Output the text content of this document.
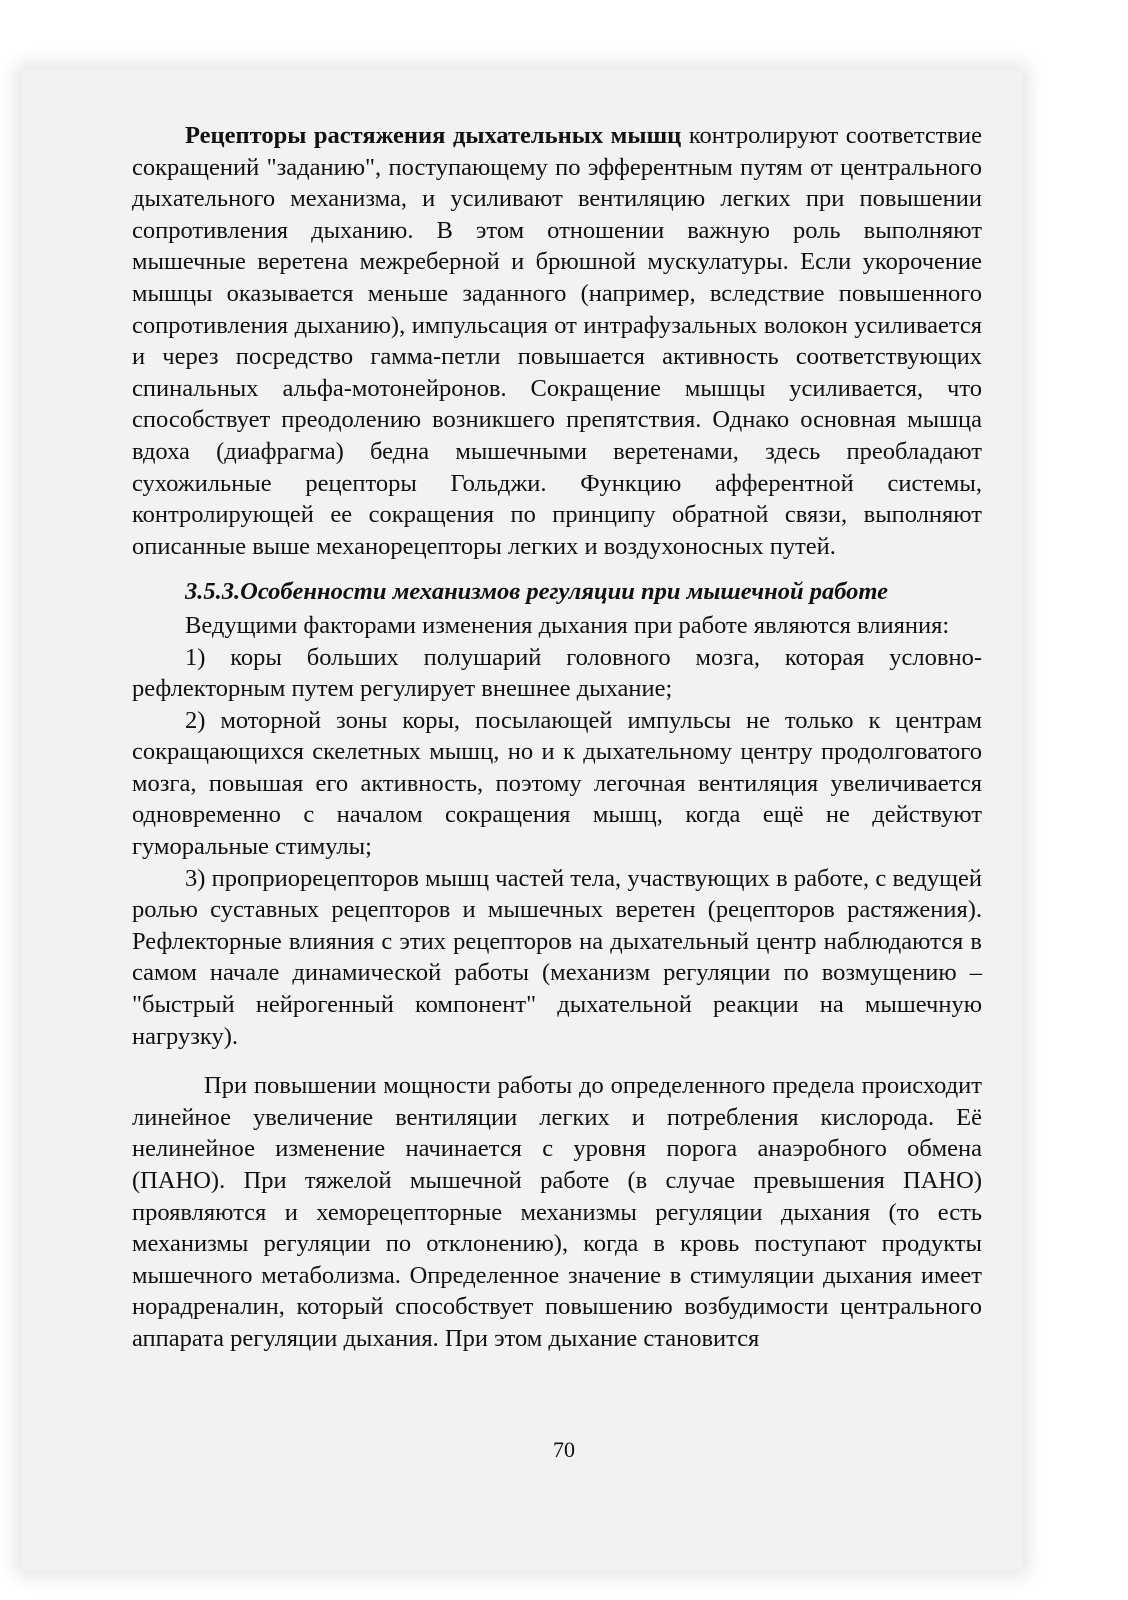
Рецепторы растяжения дыхательных мышц контролируют соответствие сокращений "заданию", поступающему по эфферентным путям от центрального дыхательного механизма, и усиливают вентиляцию легких при повышении сопротивления дыханию. В этом отношении важную роль выполняют мышечные веретена межреберной и брюшной мускулатуры. Если укорочение мышцы оказывается меньше заданного (например, вследствие повышенного сопротивления дыханию), импульсация от интрафузальных волокон усиливается и через посредство гамма-петли повышается активность соответствующих спинальных альфа-мотонейронов. Сокращение мышцы усиливается, что способствует преодолению возникшего препятствия. Однако основная мышца вдоха (диафрагма) бедна мышечными веретенами, здесь преобладают сухожильные рецепторы Гольджи. Функцию афферентной системы, контролирующей ее сокращения по принципу обратной связи, выполняют описанные выше механорецепторы легких и воздухоносных путей.

3.5.3.Особенности механизмов регуляции при мышечной работе

Ведущими факторами изменения дыхания при работе являются влияния:

1) коры больших полушарий головного мозга, которая условно-рефлекторным путем регулирует внешнее дыхание;

2) моторной зоны коры, посылающей импульсы не только к центрам сокращающихся скелетных мышц, но и к дыхательному центру продолговатого мозга, повышая его активность, поэтому легочная вентиляция увеличивается одновременно с началом сокращения мышц, когда ещё не действуют гуморальные стимулы;

3) проприорецепторов мышц частей тела, участвующих в работе, с ведущей ролью суставных рецепторов и мышечных веретен (рецепторов растяжения). Рефлекторные влияния с этих рецепторов на дыхательный центр наблюдаются в самом начале динамической работы (механизм регуляции по возмущению – "быстрый нейрогенный компонент" дыхательной реакции на мышечную нагрузку).

При повышении мощности работы до определенного предела происходит линейное увеличение вентиляции легких и потребления кислорода. Её нелинейное изменение начинается с уровня порога анаэробного обмена (ПАНО). При тяжелой мышечной работе (в случае превышения ПАНО) проявляются и хеморецепторные механизмы регуляции дыхания (то есть механизмы регуляции по отклонению), когда в кровь поступают продукты мышечного метаболизма. Определенное значение в стимуляции дыхания имеет норадреналин, который способствует повышению возбудимости центрального аппарата регуляции дыхания. При этом дыхание становится

70
